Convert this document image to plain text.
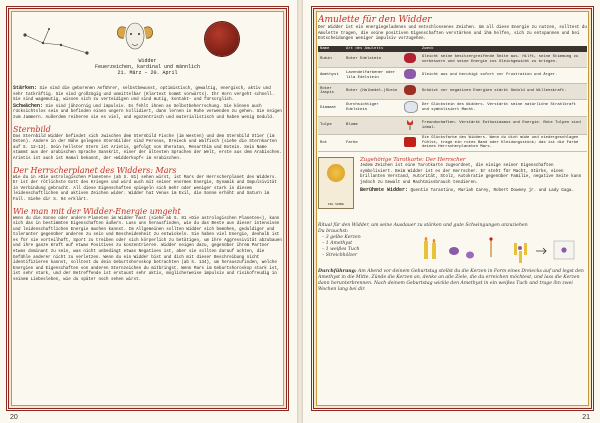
Widder
Feuerzeichen, kardinal und männlich
21. März – 20. April

Stärken: Sie sind die geborenen Anführer, selbstbewusst, optimistisch, gewaltig, energisch, aktiv und sehr tatkräftig. Sie sind großzügig und unmittelbar (Klartext kommt vorwärts). Ihr Horn vergeht schnell. Sie sind wagemutig, wissen sich zu verteidigen und sind mutig, kontakt- und fürsorglich.

Schwächen: Sie sind jähzornig und impulsiv. Es fehlt ihnen an Selbstbeherrschung. Sie können auch rücksichtslos sein und befinden einen ungern kollidiert, dann lernen in Ruhe verwenden zu gehen. Sie neigen zum Jammern. Außerdem reiheren sie es viel, und egozentrisch und materialistisch und haben wenig Geduld.

Sternbild

Das Sternbild Widder befindet sich zwischen dem Sternbild Fische (im Westen) und dem Sternbild Stier (im Osten). Andere in der Nähe gelegene Sternbilder sind Perseus, Dreieck und Walfisch (siehe die Sternkarten auf S. 12–13). Sein hellster Stern ist Arietis, gefolgt von Sheratan, Mesarthim und Botein. Sein Name stammt aus der arabischen Sprache Sanskrit, einer der ältesten Sprachen der Welt, erste aus dem Arabischen. Arietis ist auch ist Hamal bekannt, der »Widderkopf« im Arabischen.

Der Herrscherplanet des Widders: Mars

Wie du in »Die astrologischen Planeten« (ab S. 81) sehen wirst, ist Mars der Herrscherplanet des Widders. Er ist der rötlichste Gott des Krieges und wird auch mit seiner enormen Energie, Dynamik und Impulsivität in Verbindung gebracht. All diese Eigenschaften spiegeln sich mehr oder weniger stark in diesem leidenschaftlichen und aktiven Zeichen wider. Widder hat Venus im Exil, die Sonne erhöht und Saturn im Fall. Siehe dir S. 94 erklärt.

Wie man mit der Widder-Energie umgeht

Wenn du die Sonne oder andere Planeten im Widder hast (siehe ab S. 81 »Die astrologischen Planeten«), kann sich das in bestimmten Eigenschaften äußern. Lass uns herausfinden, wie du das Beste aus dieser intensiven und leidenschaftlichen Energie machen kannst. Im Allgemeinen sollten Widder sich bemühen, geduldiger und toleranter gegenüber anderen zu sein und Bescheidenheit zu entwickeln. Sie haben viel Energie, deshalb ist es für sie vorteilhaft, Sport zu treiben oder sich körperlich zu betätigen, um ihre Aggressivität abzubauen und ihre ganze Kraft auf etwas Positives zu konzentrieren. Widder neigen dazu, gegenüber ihrem Partner etwas dominant zu sein, was nicht unbedingt etwas Negatives ist, aber sie sollten darauf achten, die Gefühle anderer nicht zu verletzen. Wenn du ein Widder bist und dich mit dieser Beschreibung nicht identifizieren kannst, solltest du dein Geburtshoroskop betrachten (ab S. 134), um herauszufinden, welche Energien und Eigenschaften von anderen Sternzeichen du mitbringst. Wenn Mars im Geburtshoroskop stark ist, ist sehr stark, und der Betreffende ist erstaunt sehr aktiv, möglicherweise impulsiv und risikofreudig in seinem Liebesleben, wie du später noch sehen wirst.

20
Amulette für den Widder

Der Widder ist ein energiegeladenes und entschlossenes Zeichen. Um all diese Energie zu nutzen, solltest du Amulette tragen, die seine positiven Eigenschaften verstärken und ihm helfen, sich zu entspannen und bei Entscheidungen weniger impulsiv vorzugehen.

Name	Art des Amuletts		Zweck
Rubin	Roter Edelstein		Gleicht seine besitzergreifende Seite aus. Hilft, seine Stimmung zu verbessern und seine Energie ins Gleichgewicht zu bringen.
Amethyst	Lavendelfarbener oder lila Edelstein		Gleicht aus und beruhigt sofort vor Frustration und Ärger.
Roter Jaspis	Roter (Halbedel-)Stein		Schützt vor negativen Energien stärkt Geduld und Willenskraft.
Diamant	Durchsichtiger Edelstein		Der Glückstein des Widders. Verstärkt seine natürliche Strahlkraft und symbolisiert Macht.
Tulpe	Blume		Freundschaften. Verstärkt Enthusiasmus und Energie. Rote Tulpen sind ideal.
Rot	Farbe		Die Glücksfarbe des Widders. Wenn du dich müde und niedergeschlagen fühlst, trage ein rotes Band oder Kleidungsstück; das ist die Farbe deines Herrscherplaneten Mars.
DIE SONNE
Zugehörige Tarotkarte: Der Herrscher

Jedem Zeichen ist eine Tarotkarte zugeordnet, die einige seiner Eigenschaften symbolisiert. Beim Widder ist es der Herrscher. Er steht für Macht, Stärke, einen brillanten Verstand, Autorität, Stolz, Autokratie gegenüber Familie, negative Seite kann jedoch zu Gewalt und Machtmissbrauch tendieren.

Berühmte Widder: Quentin Tarantino, Mariah Carey, Robert Downey jr. und Lady Gaga.

Ritual für den Widder, um seine Ausdauer zu stärken und gute Schwingungen anzuziehen
Du brauchst:
– 3 gelbe Kerzen
– 1 Amethyst
– 1 weißes Tuch
– Streichhölzer
Durchführung: Am Abend vor deinem Geburtstag stellst du die Kerzen in Form eines Dreiecks auf und legst den Amethyst in die Mitte. Zünde die Kerzen an, denke an alle Ziele, die du erreichen möchtest, und lass die Kerzen dann herunterbrennen. Nach deinem Geburtstag wickle den Amethyst in ein weißes Tuch und trage ihn zwei Wochen lang bei dir.
21
